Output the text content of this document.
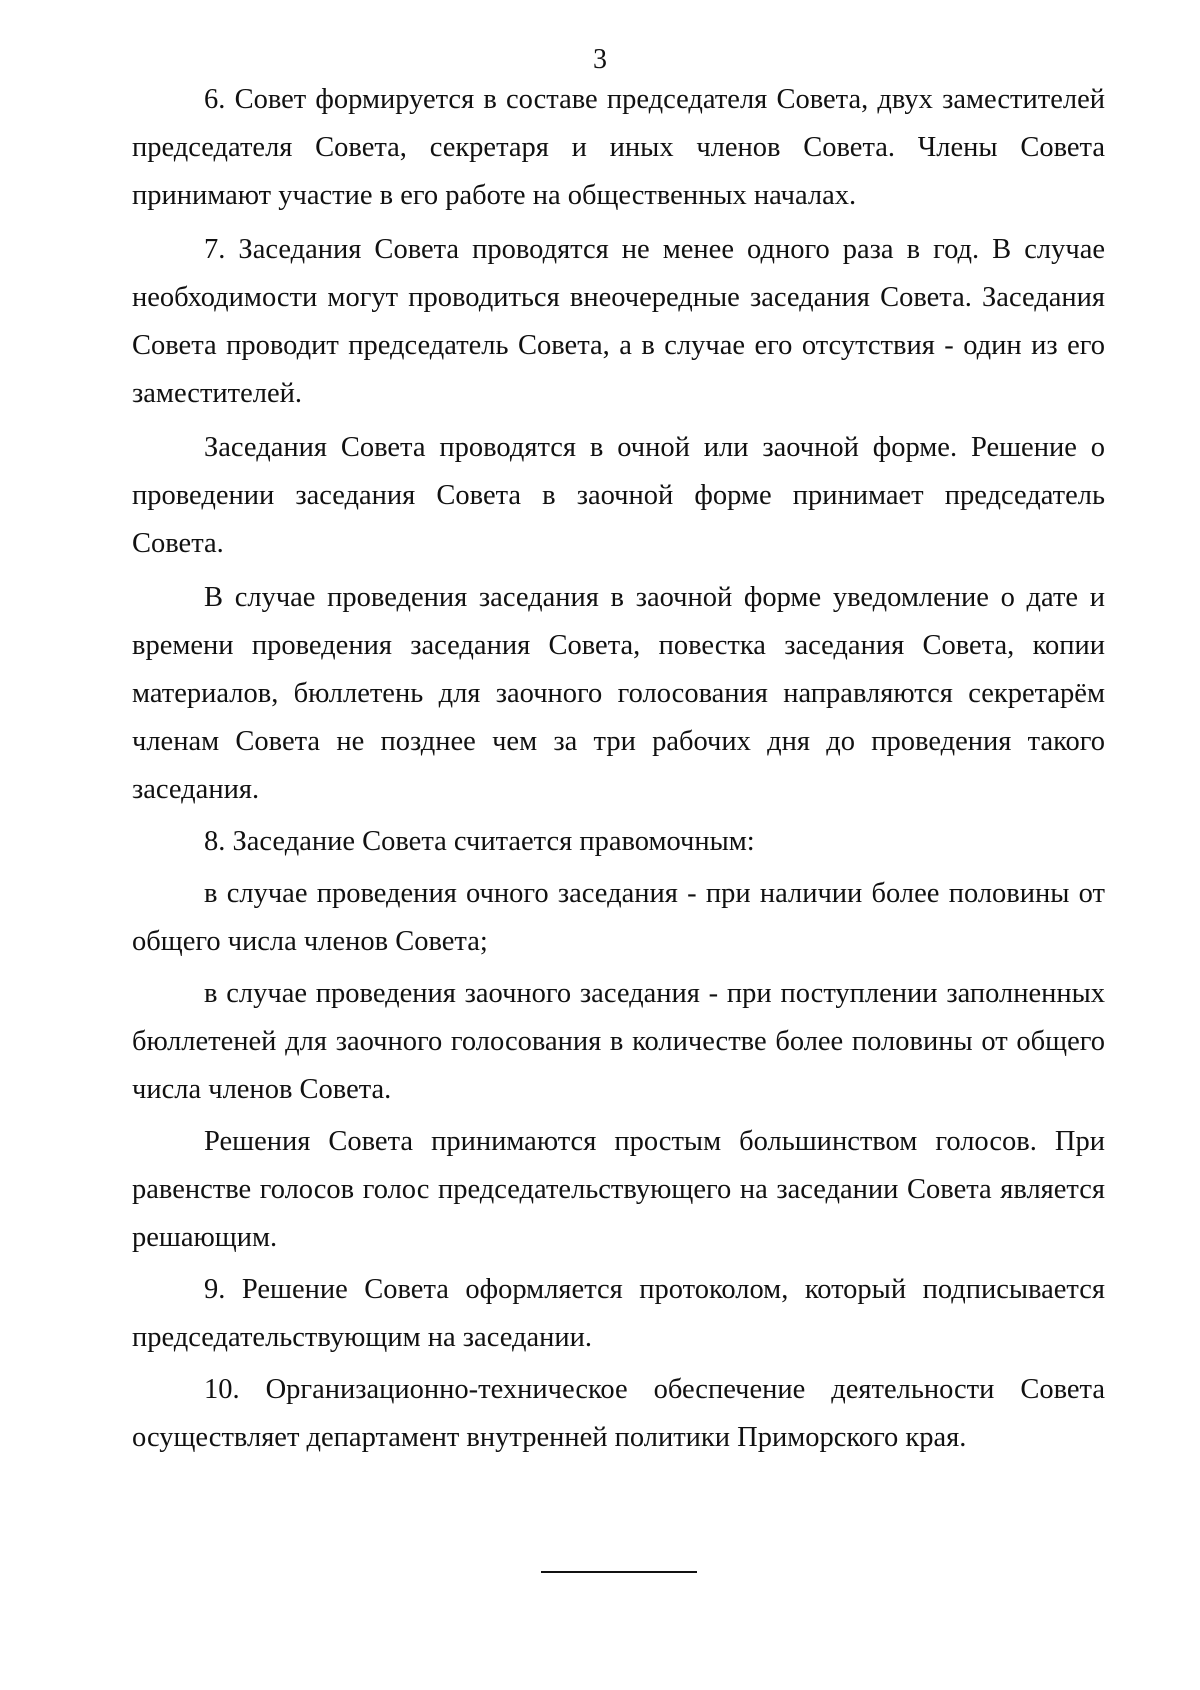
3

6. Совет формируется в составе председателя Совета, двух заместителей председателя Совета, секретаря и иных членов Совета. Члены Совета принимают участие в его работе на общественных началах.

7. Заседания Совета проводятся не менее одного раза в год. В случае необходимости могут проводиться внеочередные заседания Совета. Заседания Совета проводит председатель Совета, а в случае его отсутствия - один из его заместителей.

Заседания Совета проводятся в очной или заочной форме. Решение о проведении заседания Совета в заочной форме принимает председатель Совета.

В случае проведения заседания в заочной форме уведомление о дате и времени проведения заседания Совета, повестка заседания Совета, копии материалов, бюллетень для заочного голосования направляются секретарём членам Совета не позднее чем за три рабочих дня до проведения такого заседания.

8. Заседание Совета считается правомочным:

в случае проведения очного заседания - при наличии более половины от общего числа членов Совета;

в случае проведения заочного заседания - при поступлении заполненных бюллетеней для заочного голосования в количестве более половины от общего числа членов Совета.

Решения Совета принимаются простым большинством голосов. При равенстве голосов голос председательствующего на заседании Совета является решающим.

9. Решение Совета оформляется протоколом, который подписывается председательствующим на заседании.

10. Организационно-техническое обеспечение деятельности Совета осуществляет департамент внутренней политики Приморского края.
